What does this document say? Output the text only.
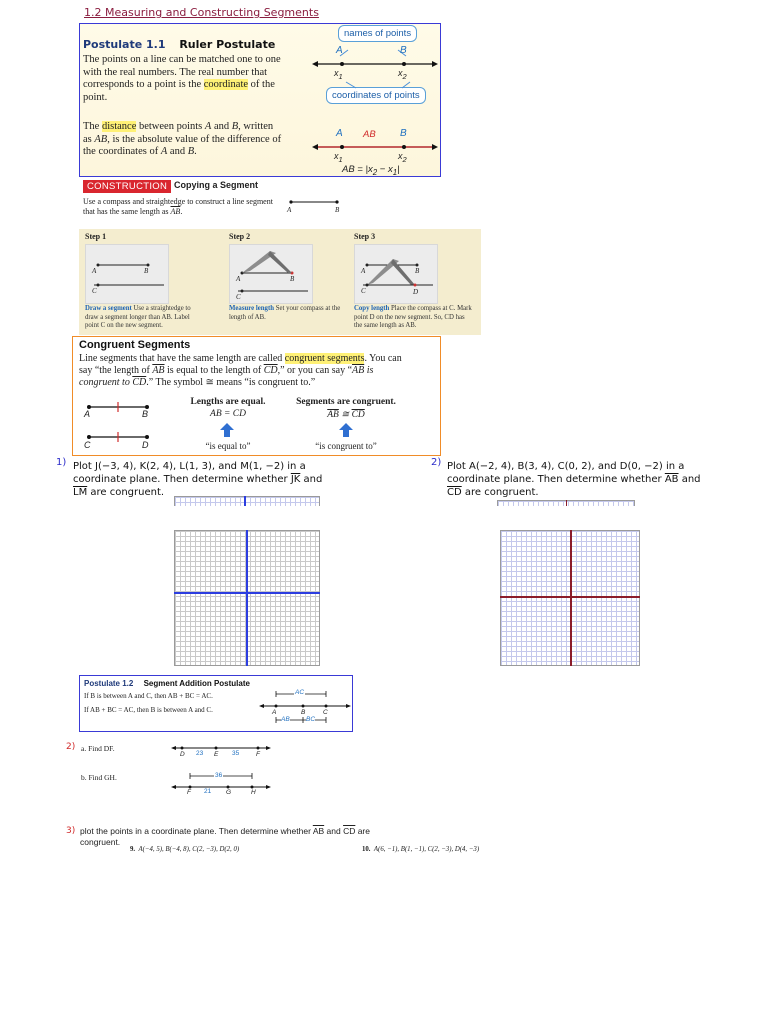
1.2 Measuring and Constructing Segments
Postulate 1.1 Ruler Postulate

The points on a line can be matched one to one with the real numbers. The real number that corresponds to a point is the coordinate of the point.

The distance between points A and B, written as AB, is the absolute value of the difference of the coordinates of A and B.

names of points
coordinates of points
A	B
$x_1$	$x_2$
A AB B
$x_1$	$x_2$
AB = $|x_2 - x_1|$
CONSTRUCTION Copying a Segment
Use a compass and straightedge to construct a line segment that has the same length as $\overline{AB}$.	A	B
Step 1
A	B
C
Draw a segment Use a straightedge to draw a segment longer than AB. Label point C on the new segment.
Step 2
A	B
C
Measure length Set your compass at the length of AB.
Step 3
A	B
C	D
Copy length Place the compass at C. Mark point D on the new segment. So, CD has the same length as AB.
Congruent Segments

Line segments that have the same length are called congruent segments. You can say “the length of $\overline{AB}$ is equal to the length of $\overline{CD}$,” or you can say “$\overline{AB}$ is congruent to $\overline{CD}$.” The symbol ≅ means “is congruent to.”

A	B
C	D
Lengths are equal.
AB = CD
“is equal to”
Segments are congruent.
$\overline{AB}$ ≅ $\overline{CD}$
“is congruent to”
1) Plot J(−3, 4), K(2, 4), L(1, 3), and M(1, −2) in a
coordinate plane. Then determine whether $\overline{JK}$ and
$\overline{LM}$ are congruent.
2) Plot A(−2, 4), B(3, 4), C(0, 2), and D(0, −2) in a
coordinate plane. Then determine whether $\overline{AB}$ and
$\overline{CD}$ are congruent.
Postulate 1.2 Segment Addition Postulate
If B is between A and C, then AB + BC = AC.
If AB + BC = AC, then B is between A and C.
AC
A	B	C
AB	BC
2) a. Find DF.
D 23 E 35	F
b. Find GH.	36
F 21 G	H
3) plot the points in a coordinate plane. Then determine whether $\overline{AB}$ and $\overline{CD}$ are
congruent.
9. A(−4, 5), B(−4, 8), C(2, −3), D(2, 0)	10. A(6, −1), B(1, −1), C(2, −3), D(4, −3)
